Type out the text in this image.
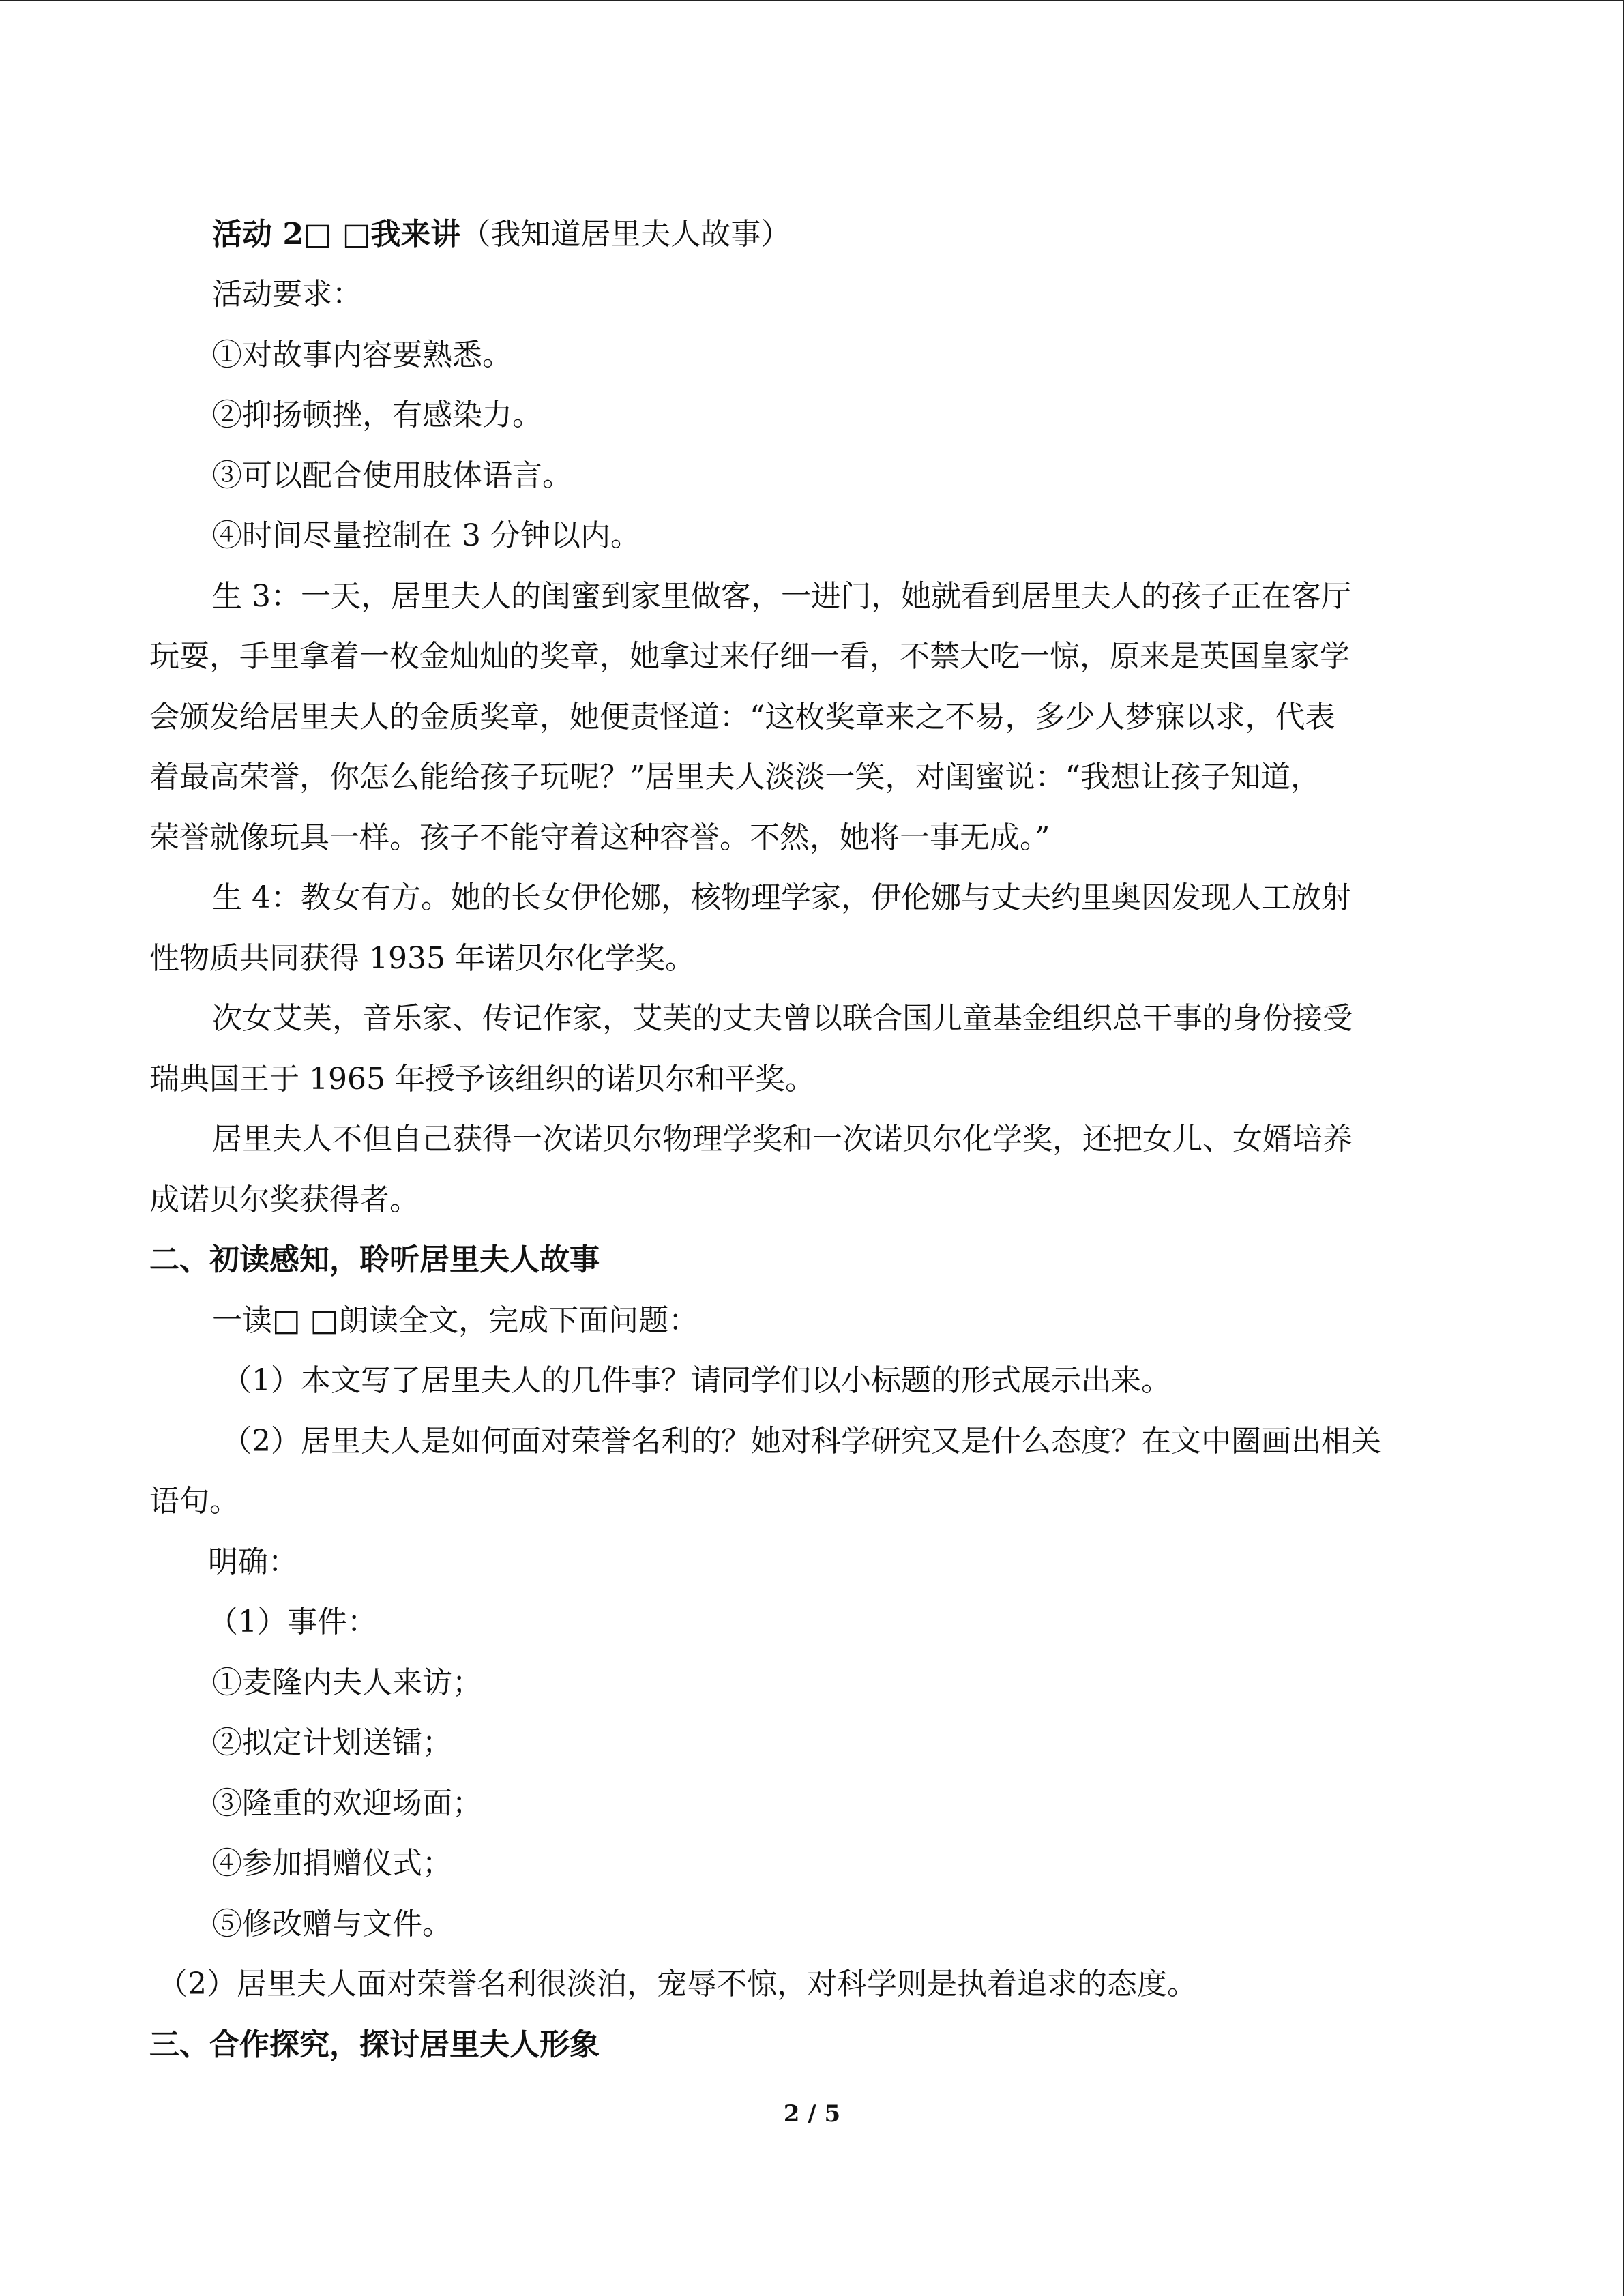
活动 2□ □我来讲（我知道居里夫人故事）
活动要求：
①对故事内容要熟悉。
②抑扬顿挫，有感染力。
③可以配合使用肢体语言。
④时间尽量控制在 3 分钟以内。
生 3：一天，居里夫人的闺蜜到家里做客，一进门，她就看到居里夫人的孩子正在客厅
玩耍，手里拿着一枚金灿灿的奖章，她拿过来仔细一看，不禁大吃一惊，原来是英国皇家学
会颁发给居里夫人的金质奖章，她便责怪道：“这枚奖章来之不易，多少人梦寐以求，代表
着最高荣誉，你怎么能给孩子玩呢？”居里夫人淡淡一笑，对闺蜜说：“我想让孩子知道，
荣誉就像玩具一样。孩子不能守着这种容誉。不然，她将一事无成。”
生 4：教女有方。她的长女伊伦娜，核物理学家，伊伦娜与丈夫约里奥因发现人工放射
性物质共同获得 1935 年诺贝尔化学奖。
次女艾芙，音乐家、传记作家，艾芙的丈夫曾以联合国儿童基金组织总干事的身份接受
瑞典国王于 1965 年授予该组织的诺贝尔和平奖。
居里夫人不但自己获得一次诺贝尔物理学奖和一次诺贝尔化学奖，还把女儿、女婿培养
成诺贝尔奖获得者。
二、初读感知，聆听居里夫人故事
一读□ □朗读全文，完成下面问题：
（1）本文写了居里夫人的几件事？请同学们以小标题的形式展示出来。
（2）居里夫人是如何面对荣誉名利的？她对科学研究又是什么态度？在文中圈画出相关
语句。
明确：
（1）事件：
①麦隆内夫人来访；
②拟定计划送镭；
③隆重的欢迎场面；
④参加捐赠仪式；
⑤修改赠与文件。
（2）居里夫人面对荣誉名利很淡泊，宠辱不惊，对科学则是执着追求的态度。
三、合作探究，探讨居里夫人形象
2 / 5
